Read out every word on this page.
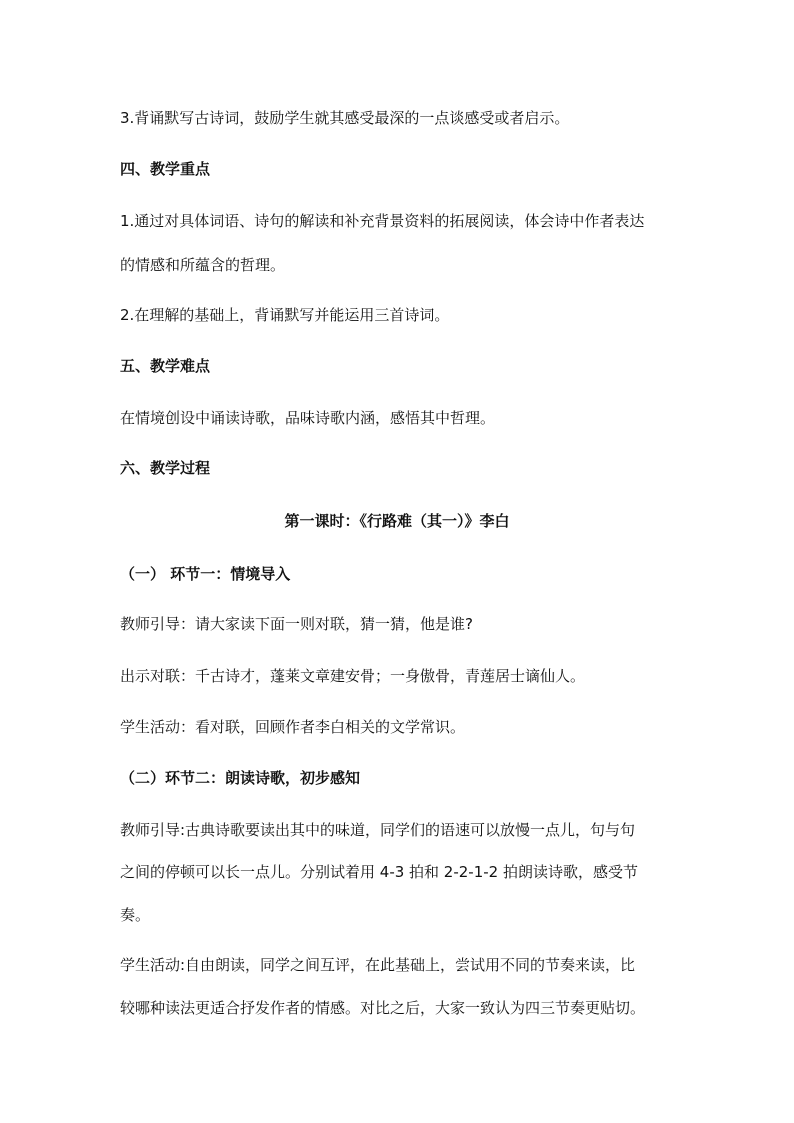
3.背诵默写古诗词，鼓励学生就其感受最深的一点谈感受或者启示。
四、教学重点
1.通过对具体词语、诗句的解读和补充背景资料的拓展阅读，体会诗中作者表达
的情感和所蕴含的哲理。
2.在理解的基础上，背诵默写并能运用三首诗词。
五、教学难点
在情境创设中诵读诗歌，品味诗歌内涵，感悟其中哲理。
六、教学过程
第一课时：《行路难（其一）》李白
（一） 环节一：情境导入
教师引导：请大家读下面一则对联，猜一猜，他是谁?
出示对联：千古诗才，蓬莱文章建安骨；一身傲骨，青莲居士谪仙人。
学生活动：看对联，回顾作者李白相关的文学常识。
（二）环节二：朗读诗歌，初步感知
教师引导:古典诗歌要读出其中的味道，同学们的语速可以放慢一点儿，句与句
之间的停顿可以长一点儿。分别试着用 4-3 拍和 2-2-1-2 拍朗读诗歌，感受节
奏。
学生活动:自由朗读，同学之间互评，在此基础上，尝试用不同的节奏来读，比
较哪种读法更适合抒发作者的情感。对比之后，大家一致认为四三节奏更贴切。
